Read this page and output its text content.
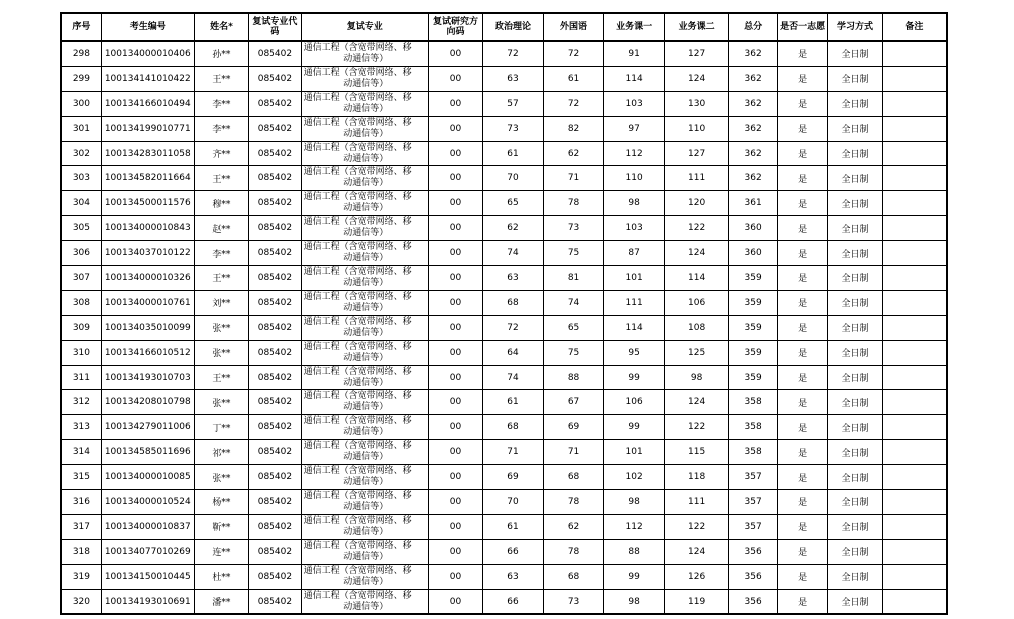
序号	考生编号	姓名*	复试专业代码	复试专业	复试研究方向码	政治理论	外国语	业务课一	业务课二	总分	是否一志愿	学习方式	备注
298	100134000010406	孙**	085402	通信工程（含宽带网络、移
动通信等）	00	72	72	91	127	362	是	全日制	
299	100134141010422	王**	085402	通信工程（含宽带网络、移
动通信等）	00	63	61	114	124	362	是	全日制	
300	100134166010494	李**	085402	通信工程（含宽带网络、移
动通信等）	00	57	72	103	130	362	是	全日制	
301	100134199010771	李**	085402	通信工程（含宽带网络、移
动通信等）	00	73	82	97	110	362	是	全日制	
302	100134283011058	齐**	085402	通信工程（含宽带网络、移
动通信等）	00	61	62	112	127	362	是	全日制	
303	100134582011664	王**	085402	通信工程（含宽带网络、移
动通信等）	00	70	71	110	111	362	是	全日制	
304	100134500011576	穆**	085402	通信工程（含宽带网络、移
动通信等）	00	65	78	98	120	361	是	全日制	
305	100134000010843	赵**	085402	通信工程（含宽带网络、移
动通信等）	00	62	73	103	122	360	是	全日制	
306	100134037010122	李**	085402	通信工程（含宽带网络、移
动通信等）	00	74	75	87	124	360	是	全日制	
307	100134000010326	王**	085402	通信工程（含宽带网络、移
动通信等）	00	63	81	101	114	359	是	全日制	
308	100134000010761	刘**	085402	通信工程（含宽带网络、移
动通信等）	00	68	74	111	106	359	是	全日制	
309	100134035010099	张**	085402	通信工程（含宽带网络、移
动通信等）	00	72	65	114	108	359	是	全日制	
310	100134166010512	张**	085402	通信工程（含宽带网络、移
动通信等）	00	64	75	95	125	359	是	全日制	
311	100134193010703	王**	085402	通信工程（含宽带网络、移
动通信等）	00	74	88	99	98	359	是	全日制	
312	100134208010798	张**	085402	通信工程（含宽带网络、移
动通信等）	00	61	67	106	124	358	是	全日制	
313	100134279011006	丁**	085402	通信工程（含宽带网络、移
动通信等）	00	68	69	99	122	358	是	全日制	
314	100134585011696	祁**	085402	通信工程（含宽带网络、移
动通信等）	00	71	71	101	115	358	是	全日制	
315	100134000010085	张**	085402	通信工程（含宽带网络、移
动通信等）	00	69	68	102	118	357	是	全日制	
316	100134000010524	杨**	085402	通信工程（含宽带网络、移
动通信等）	00	70	78	98	111	357	是	全日制	
317	100134000010837	靳**	085402	通信工程（含宽带网络、移
动通信等）	00	61	62	112	122	357	是	全日制	
318	100134077010269	连**	085402	通信工程（含宽带网络、移
动通信等）	00	66	78	88	124	356	是	全日制	
319	100134150010445	杜**	085402	通信工程（含宽带网络、移
动通信等）	00	63	68	99	126	356	是	全日制	
320	100134193010691	潘**	085402	通信工程（含宽带网络、移
动通信等）	00	66	73	98	119	356	是	全日制	
